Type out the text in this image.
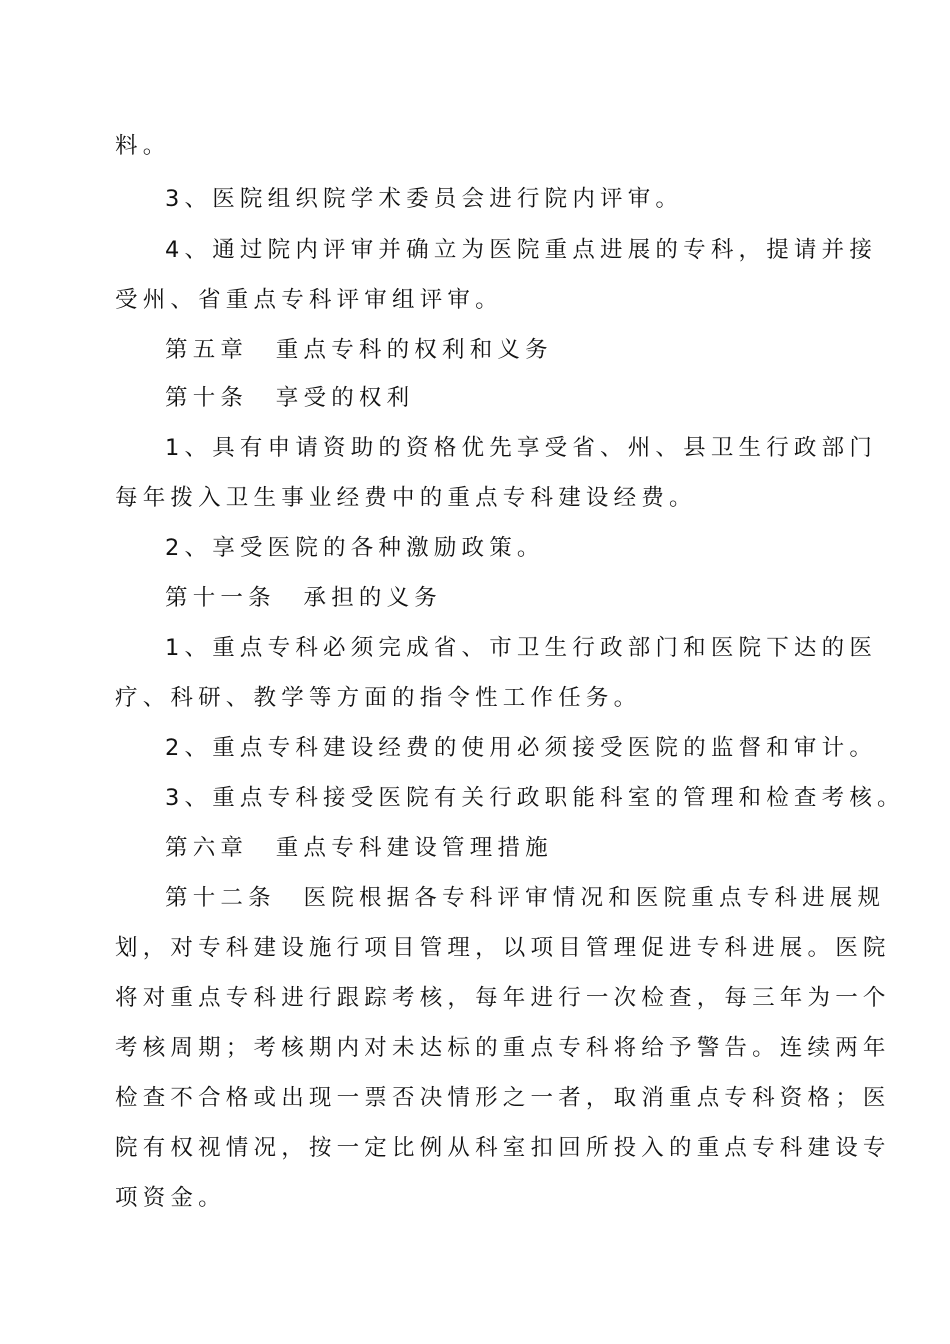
料。
3、医院组织院学术委员会进行院内评审。
4、通过院内评审并确立为医院重点进展的专科，提请并接
受州、省重点专科评审组评审。
第五章　重点专科的权利和义务
第十条　享受的权利
1、具有申请资助的资格优先享受省、州、县卫生行政部门
每年拨入卫生事业经费中的重点专科建设经费。
2、享受医院的各种激励政策。
第十一条　承担的义务
1、重点专科必须完成省、市卫生行政部门和医院下达的医
疗、科研、教学等方面的指令性工作任务。
2、重点专科建设经费的使用必须接受医院的监督和审计。
3、重点专科接受医院有关行政职能科室的管理和检查考核。
第六章　重点专科建设管理措施
第十二条　医院根据各专科评审情况和医院重点专科进展规
划，对专科建设施行项目管理，以项目管理促进专科进展。医院
将对重点专科进行跟踪考核，每年进行一次检查，每三年为一个
考核周期；考核期内对未达标的重点专科将给予警告。连续两年
检查不合格或出现一票否决情形之一者，取消重点专科资格；医
院有权视情况，按一定比例从科室扣回所投入的重点专科建设专
项资金。
